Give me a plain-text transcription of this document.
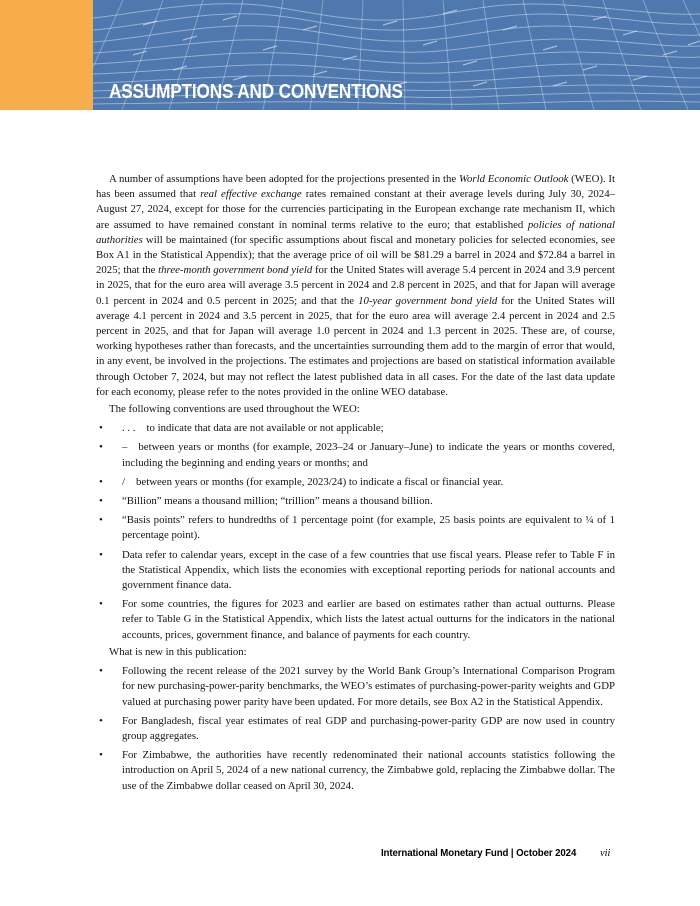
ASSUMPTIONS AND CONVENTIONS

A number of assumptions have been adopted for the projections presented in the World Economic Outlook (WEO). It has been assumed that real effective exchange rates remained constant at their average levels during July 30, 2024–August 27, 2024, except for those for the currencies participating in the European exchange rate mechanism II, which are assumed to have remained constant in nominal terms relative to the euro; that established policies of national authorities will be maintained (for specific assumptions about fiscal and monetary policies for selected economies, see Box A1 in the Statistical Appendix); that the average price of oil will be $81.29 a barrel in 2024 and $72.84 a barrel in 2025; that the three-month government bond yield for the United States will average 5.4 percent in 2024 and 3.9 percent in 2025, that for the euro area will average 3.5 percent in 2024 and 2.8 percent in 2025, and that for Japan will average 0.1 percent in 2024 and 0.5 percent in 2025; and that the 10-year government bond yield for the United States will average 4.1 percent in 2024 and 3.5 percent in 2025, that for the euro area will average 2.4 percent in 2024 and 2.5 percent in 2025, and that for Japan will average 1.0 percent in 2024 and 1.3 percent in 2025. These are, of course, working hypotheses rather than forecasts, and the uncertainties surrounding them add to the margin of error that would, in any event, be involved in the projections. The estimates and projections are based on statistical information available through October 7, 2024, but may not reflect the latest published data in all cases. For the date of the last data update for each economy, please refer to the notes provided in the online WEO database.

The following conventions are used throughout the WEO:

• . . . to indicate that data are not available or not applicable;
• – between years or months (for example, 2023–24 or January–June) to indicate the years or months covered, including the beginning and ending years or months; and
• / between years or months (for example, 2023/24) to indicate a fiscal or financial year.
• “Billion” means a thousand million; “trillion” means a thousand billion.
• “Basis points” refers to hundredths of 1 percentage point (for example, 25 basis points are equivalent to ¼ of 1 percentage point).
• Data refer to calendar years, except in the case of a few countries that use fiscal years. Please refer to Table F in the Statistical Appendix, which lists the economies with exceptional reporting periods for national accounts and government finance data.
• For some countries, the figures for 2023 and earlier are based on estimates rather than actual outturns. Please refer to Table G in the Statistical Appendix, which lists the latest actual outturns for the indicators in the national accounts, prices, government finance, and balance of payments for each country.

What is new in this publication:

• Following the recent release of the 2021 survey by the World Bank Group’s International Comparison Program for new purchasing-power-parity benchmarks, the WEO’s estimates of purchasing-power-parity weights and GDP valued at purchasing power parity have been updated. For more details, see Box A2 in the Statistical Appendix.
• For Bangladesh, fiscal year estimates of real GDP and purchasing-power-parity GDP are now used in country group aggregates.
• For Zimbabwe, the authorities have recently redenominated their national accounts statistics following the introduction on April 5, 2024 of a new national currency, the Zimbabwe gold, replacing the Zimbabwe dollar. The use of the Zimbabwe dollar ceased on April 30, 2024.
International Monetary Fund | October 2024 vii
